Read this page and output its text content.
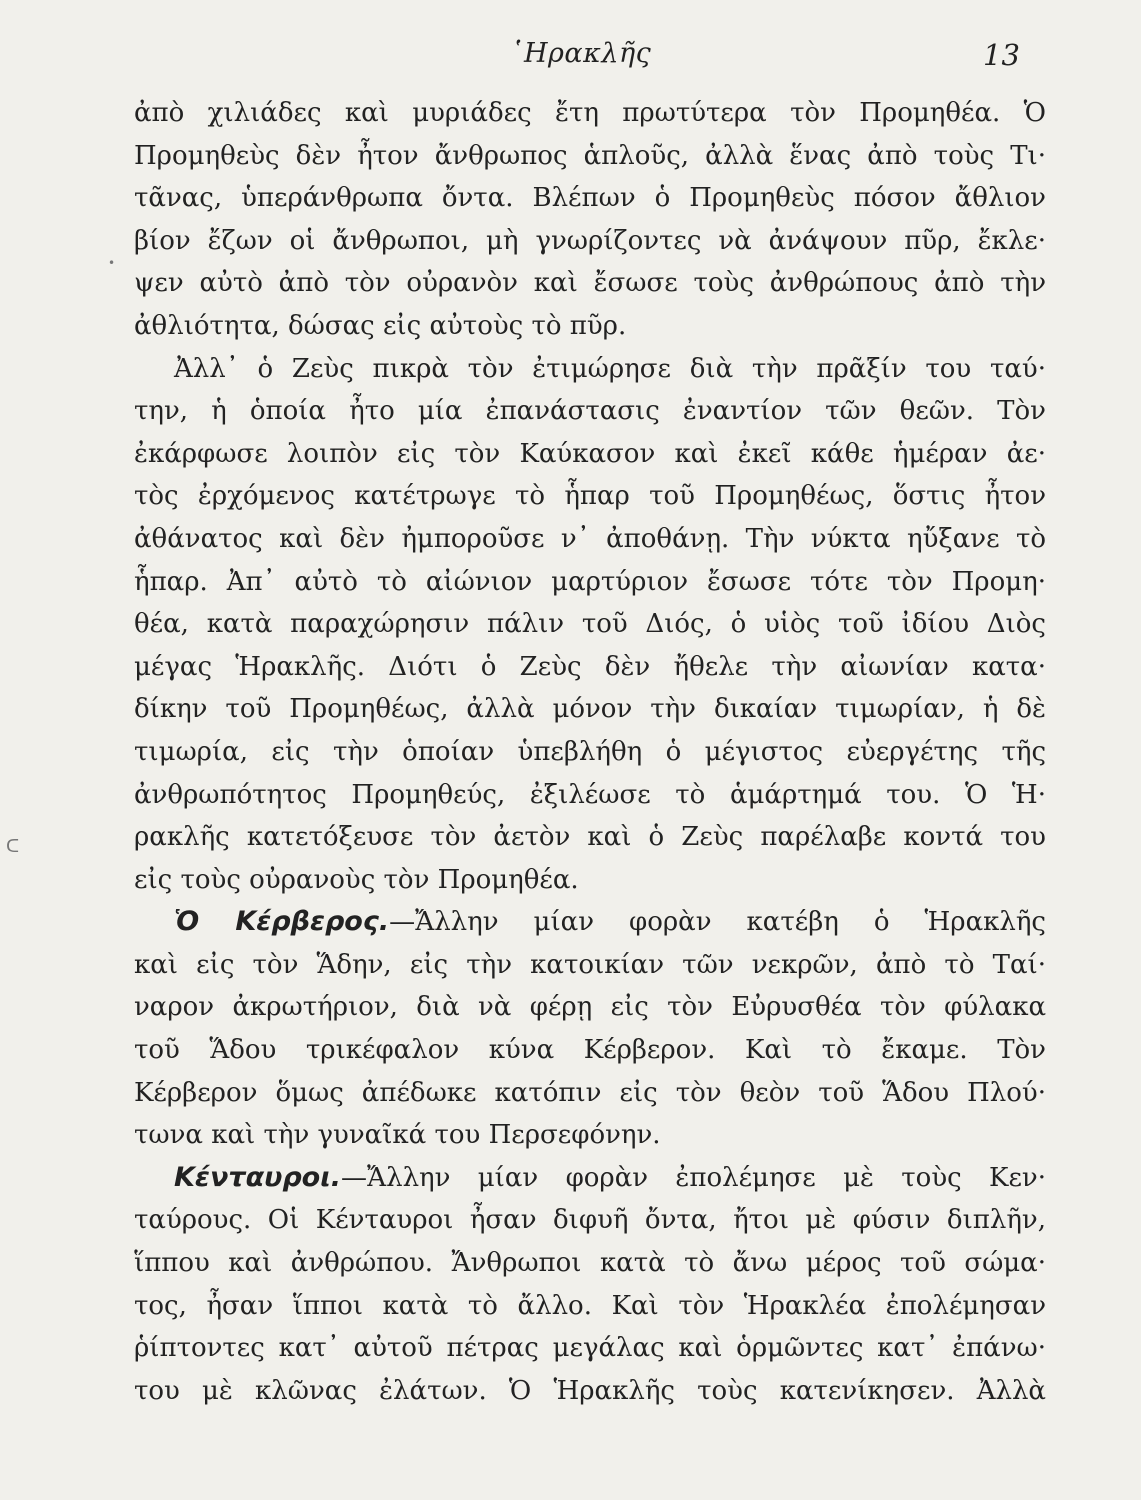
῾Ηρακλῆς	13
•
ᑕ
ἀπὸ χιλιάδες καὶ μυριάδες ἔτη πρωτύτερα τὸν Προμηθέα. Ὁ
Προμηθεὺς δὲν ἦτον ἄνθρωπος ἁπλοῦς, ἀλλὰ ἕνας ἀπὸ τοὺς Τι·
τᾶνας, ὑπεράνθρωπα ὄντα. Βλέπων ὁ Προμηθεὺς πόσον ἄθλιον
βίον ἔζων οἱ ἄνθρωποι, μὴ γνωρίζοντες νὰ ἀνάψουν πῦρ, ἔκλε·
ψεν αὐτὸ ἀπὸ τὸν οὐρανὸν καὶ ἔσωσε τοὺς ἀνθρώπους ἀπὸ τὴν
ἀθλιότητα, δώσας εἰς αὐτοὺς τὸ πῦρ.
Ἀλλ᾿ ὁ Ζεὺς πικρὰ τὸν ἐτιμώρησε διὰ τὴν πρᾶξίν του ταύ·
την, ἡ ὁποία ἦτο μία ἐπανάστασις ἐναντίον τῶν θεῶν. Τὸν
ἐκάρφωσε λοιπὸν εἰς τὸν Καύκασον καὶ ἐκεῖ κάθε ἡμέραν ἀε·
τὸς ἐρχόμενος κατέτρωγε τὸ ἧπαρ τοῦ Προμηθέως, ὅστις ἦτον
ἀθάνατος καὶ δὲν ἠμποροῦσε ν᾿ ἀποθάνῃ. Τὴν νύκτα ηὔξανε τὸ
ἧπαρ. Ἀπ᾿ αὐτὸ τὸ αἰώνιον μαρτύριον ἔσωσε τότε τὸν Προμη·
θέα, κατὰ παραχώρησιν πάλιν τοῦ Διός, ὁ υἱὸς τοῦ ἰδίου Διὸς
μέγας Ἡρακλῆς. Διότι ὁ Ζεὺς δὲν ἤθελε τὴν αἰωνίαν κατα·
δίκην τοῦ Προμηθέως, ἀλλὰ μόνον τὴν δικαίαν τιμωρίαν, ἡ δὲ
τιμωρία, εἰς τὴν ὁποίαν ὑπεβλήθη ὁ μέγιστος εὐεργέτης τῆς
ἀνθρωπότητος Προμηθεύς, ἐξιλέωσε τὸ ἁμάρτημά του. Ὁ Ἡ·
ρακλῆς κατετόξευσε τὸν ἀετὸν καὶ ὁ Ζεὺς παρέλαβε κοντά του
εἰς τοὺς οὐρανοὺς τὸν Προμηθέα.
Ὁ Κέρβερος.—Ἄλλην μίαν φορὰν κατέβη ὁ Ἡρακλῆς
καὶ εἰς τὸν Ἅδην, εἰς τὴν κατοικίαν τῶν νεκρῶν, ἀπὸ τὸ Ταί·
ναρον ἀκρωτήριον, διὰ νὰ φέρῃ εἰς τὸν Εὐρυσθέα τὸν φύλακα
τοῦ Ἅδου τρικέφαλον κύνα Κέρβερον. Καὶ τὸ ἔκαμε. Τὸν
Κέρβερον ὅμως ἀπέδωκε κατόπιν εἰς τὸν θεὸν τοῦ Ἅδου Πλού·
τωνα καὶ τὴν γυναῖκά του Περσεφόνην.
Κένταυροι.—Ἄλλην μίαν φορὰν ἐπολέμησε μὲ τοὺς Κεν·
ταύρους. Οἱ Κένταυροι ἦσαν διφυῆ ὄντα, ἤτοι μὲ φύσιν διπλῆν,
ἵππου καὶ ἀνθρώπου. Ἄνθρωποι κατὰ τὸ ἄνω μέρος τοῦ σώμα·
τος, ἦσαν ἵπποι κατὰ τὸ ἄλλο. Καὶ τὸν Ἡρακλέα ἐπολέμησαν
ῥίπτοντες κατ᾿ αὐτοῦ πέτρας μεγάλας καὶ ὁρμῶντες κατ᾿ ἐπάνω·
του μὲ κλῶνας ἐλάτων. Ὁ Ἡρακλῆς τοὺς κατενίκησεν. Ἀλλὰ
